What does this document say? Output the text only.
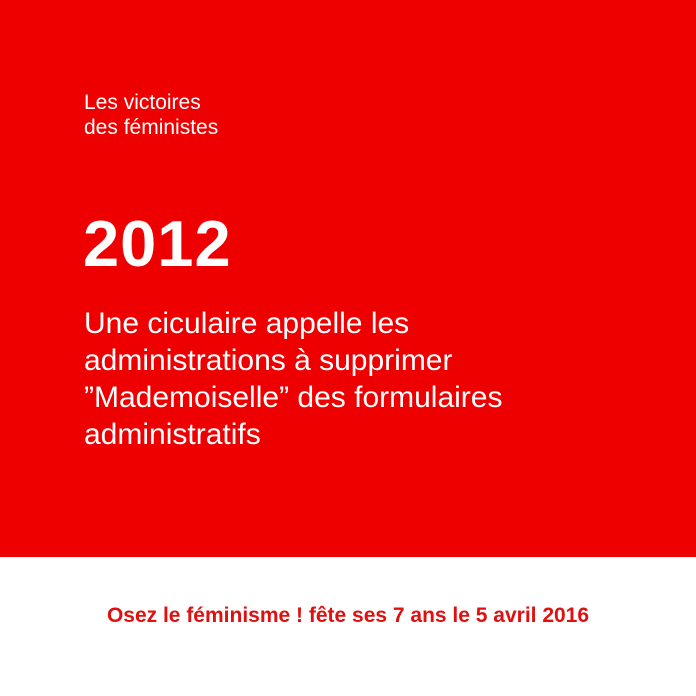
Les victoires
des féministes

2012

Une ciculaire appelle les
administrations à supprimer
”Mademoiselle” des formulaires
administratifs

Osez le féminisme ! fête ses 7 ans le 5 avril 2016
